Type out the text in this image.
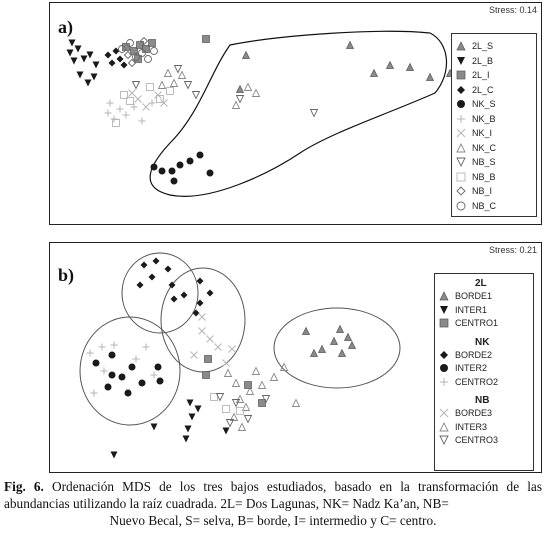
a)
Stress: 0.14
2L_S
2L_B
2L_I
2L_C
NK_S
NK_B
NK_I
NK_C
NB_S
NB_B
NB_I
NB_C
b)
Stress: 0.21
2L
BORDE1
INTER1
CENTRO1
NK
BORDE2
INTER2
CENTRO2
NB
BORDE3
INTER3
CENTRO3
Fig. 6. Ordenación MDS de los tres bajos estudiados, basado en la transformación de las abundancias utilizando la raíz cuadrada. 2L= Dos Lagunas, NK= Nadz Ka’an, NB=
Nuevo Becal, S= selva, B= borde, I= intermedio y C= centro.
